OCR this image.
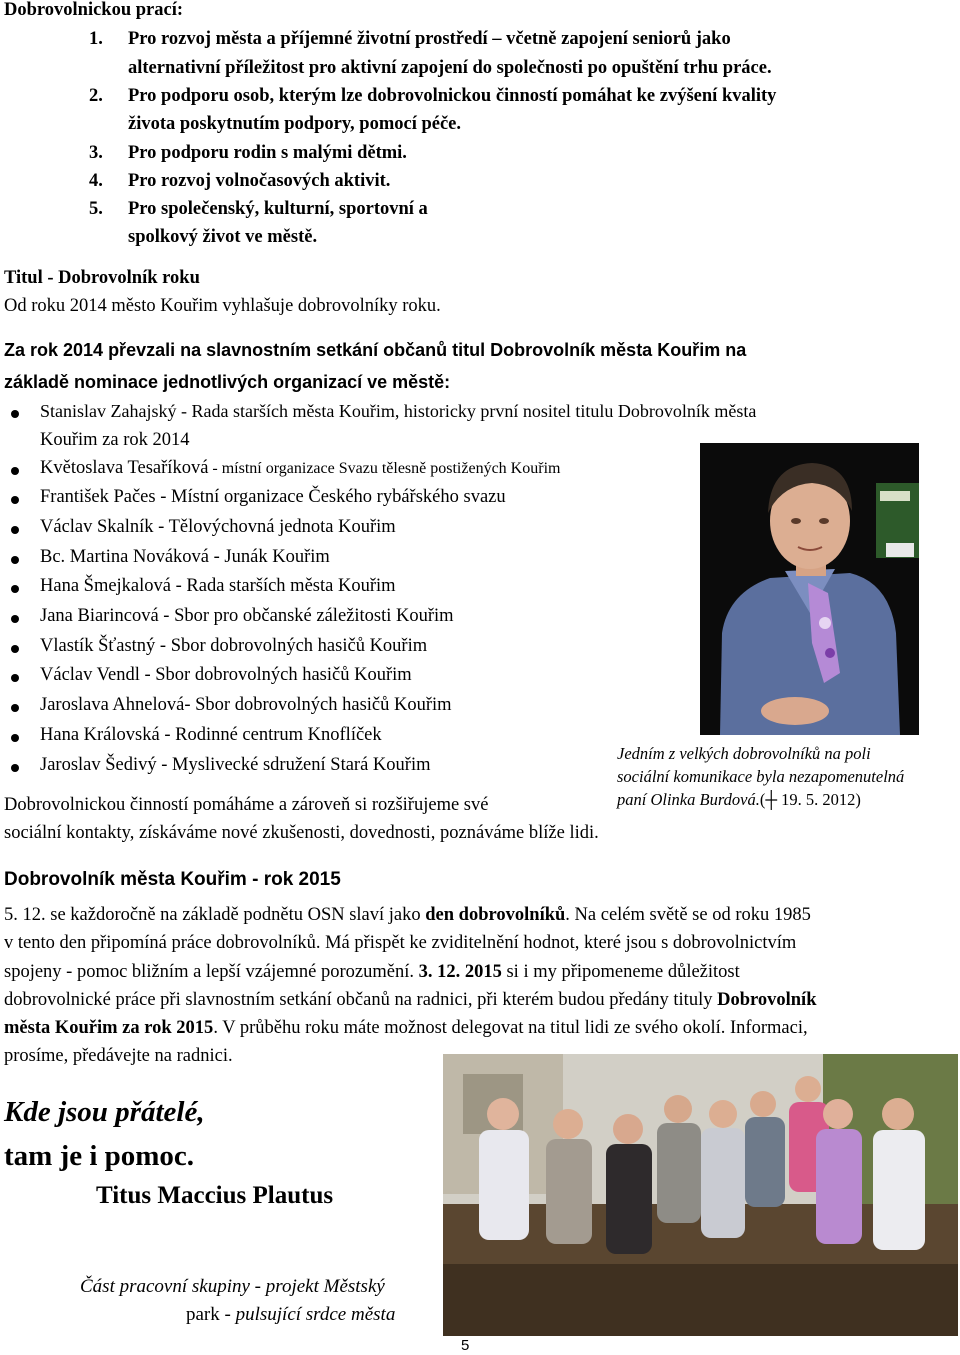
Dobrovolnickou prací:
1. Pro rozvoj města a příjemné životní prostředí – včetně zapojení seniorů jako
alternativní příležitost pro aktivní zapojení do společnosti po opuštění trhu práce.
2. Pro podporu osob, kterým lze dobrovolnickou činností pomáhat ke zvýšení kvality
života poskytnutím podpory, pomocí péče.
3. Pro podporu rodin s malými dětmi.
4. Pro rozvoj volnočasových aktivit.
5. Pro společenský, kulturní, sportovní a
spolkový život ve městě.
Titul - Dobrovolník roku
Od roku 2014 město Kouřim vyhlašuje dobrovolníky roku.
Za rok 2014 převzali na slavnostním setkání občanů titul Dobrovolník města Kouřim na
základě nominace jednotlivých organizací ve městě:
Stanislav Zahajský - Rada starších města Kouřim, historicky první nositel titulu Dobrovolník města
Kouřim za rok 2014
Květoslava Tesaříková - místní organizace Svazu tělesně postižených Kouřim
František Pačes - Místní organizace Českého rybářského svazu
Václav Skalník - Tělovýchovná jednota Kouřim
Bc. Martina Nováková - Junák Kouřim
Hana Šmejkalová - Rada starších města Kouřim
Jana Biarincová - Sbor pro občanské záležitosti Kouřim
Vlastík Šťastný - Sbor dobrovolných hasičů Kouřim
Václav Vendl - Sbor dobrovolných hasičů Kouřim
Jaroslava Ahnelová- Sbor dobrovolných hasičů Kouřim
Hana Královská - Rodinné centrum Knoflíček
Jaroslav Šedivý - Myslivecké sdružení Stará Kouřim
Dobrovolnickou činností pomáháme a zároveň si rozšiřujeme své
sociální kontakty, získáváme nové zkušenosti, dovednosti, poznáváme blíže lidi.
Jedním z velkých dobrovolníků na poli
sociální komunikace byla nezapomenutelná
paní Olinka Burdová.(┼ 19. 5. 2012)
Dobrovolník města Kouřim - rok 2015
5. 12. se každoročně na základě podnětu OSN slaví jako den dobrovolníků. Na celém světě se od roku 1985
v tento den připomíná práce dobrovolníků. Má přispět ke zviditelnění hodnot, které jsou s dobrovolnictvím
spojeny - pomoc bližním a lepší vzájemné porozumění. 3. 12. 2015 si i my připomeneme důležitost
dobrovolnické práce při slavnostním setkání občanů na radnici, při kterém budou předány tituly Dobrovolník
města Kouřim za rok 2015. V průběhu roku máte možnost delegovat na titul lidi ze svého okolí. Informaci,
prosíme, předávejte na radnici.
Kde jsou přátelé,
tam je i pomoc.
Titus Maccius Plautus
Část pracovní skupiny - projekt Městský
park - pulsující srdce města
5
